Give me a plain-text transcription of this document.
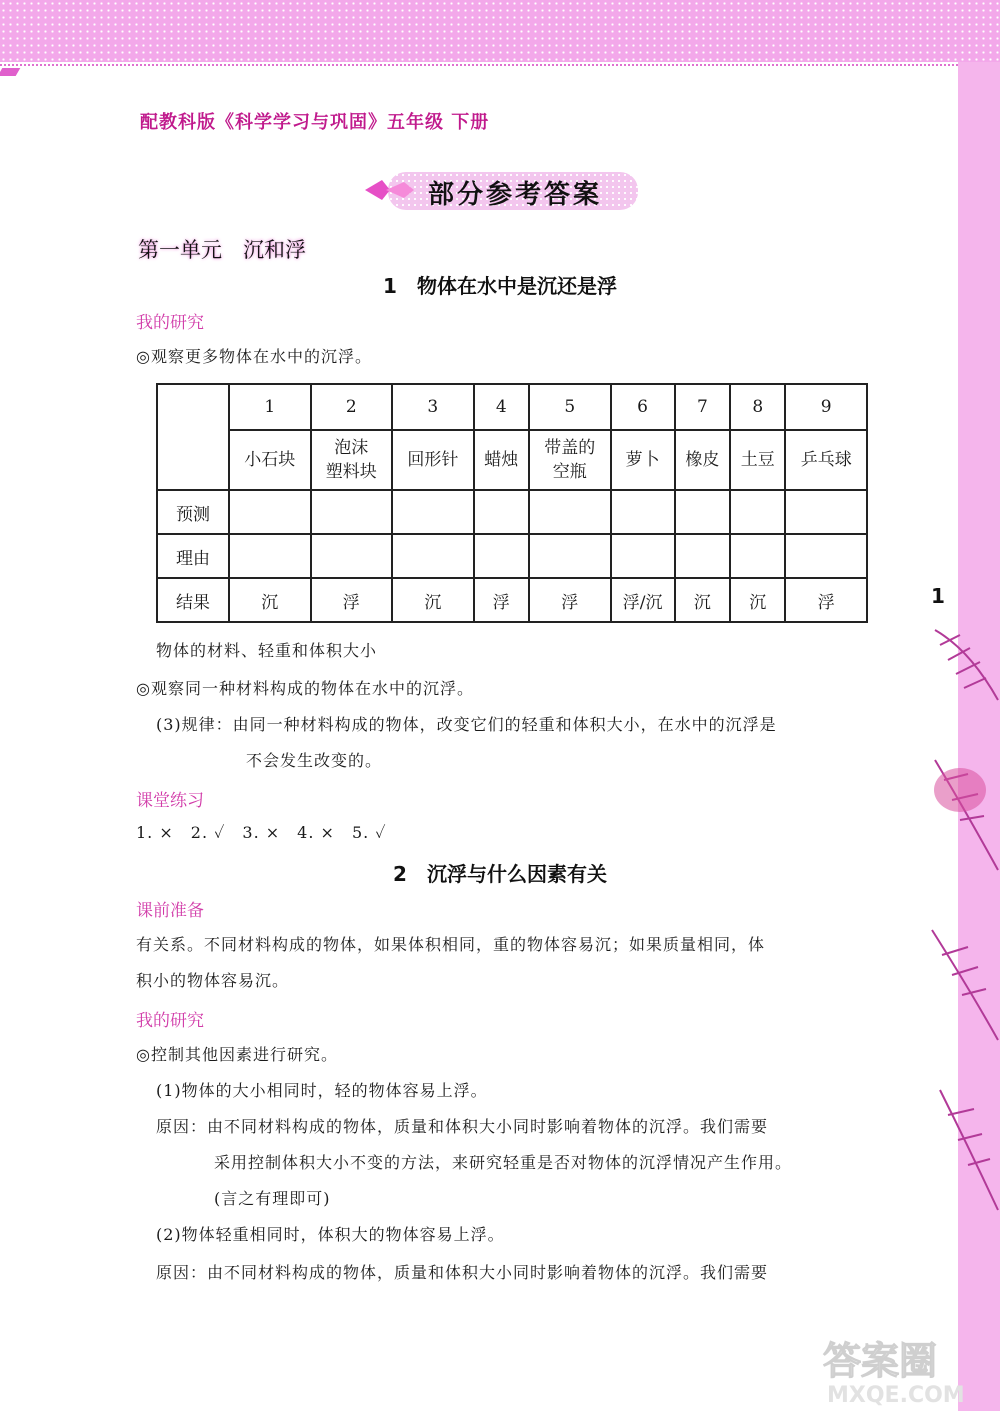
1
配教科版《科学学习与巩固》五年级 下册
部分参考答案
第一单元　沉和浮
1　物体在水中是沉还是浮
我的研究
◎观察更多物体在水中的沉浮。
	1	2	3	4	5	6	7	8	9
	小石块	泡沫
塑料块	回形针	蜡烛	带盖的
空瓶	萝卜	橡皮	土豆	乒乓球
预测									
理由									
结果	沉	浮	沉	浮	浮	浮/沉	沉	沉	浮
物体的材料、轻重和体积大小
◎观察同一种材料构成的物体在水中的沉浮。
(3)规律：由同一种材料构成的物体，改变它们的轻重和体积大小，在水中的沉浮是
不会发生改变的。
课堂练习
1. ×　2. ✓　3. ×　4. ×　5. ✓
2　沉浮与什么因素有关
课前准备
有关系。不同材料构成的物体，如果体积相同，重的物体容易沉；如果质量相同，体
积小的物体容易沉。
我的研究
◎控制其他因素进行研究。
(1)物体的大小相同时，轻的物体容易上浮。
原因：由不同材料构成的物体，质量和体积大小同时影响着物体的沉浮。我们需要
采用控制体积大小不变的方法，来研究轻重是否对物体的沉浮情况产生作用。
(言之有理即可)
(2)物体轻重相同时，体积大的物体容易上浮。
原因：由不同材料构成的物体，质量和体积大小同时影响着物体的沉浮。我们需要
答案圈
MXQE.COM
